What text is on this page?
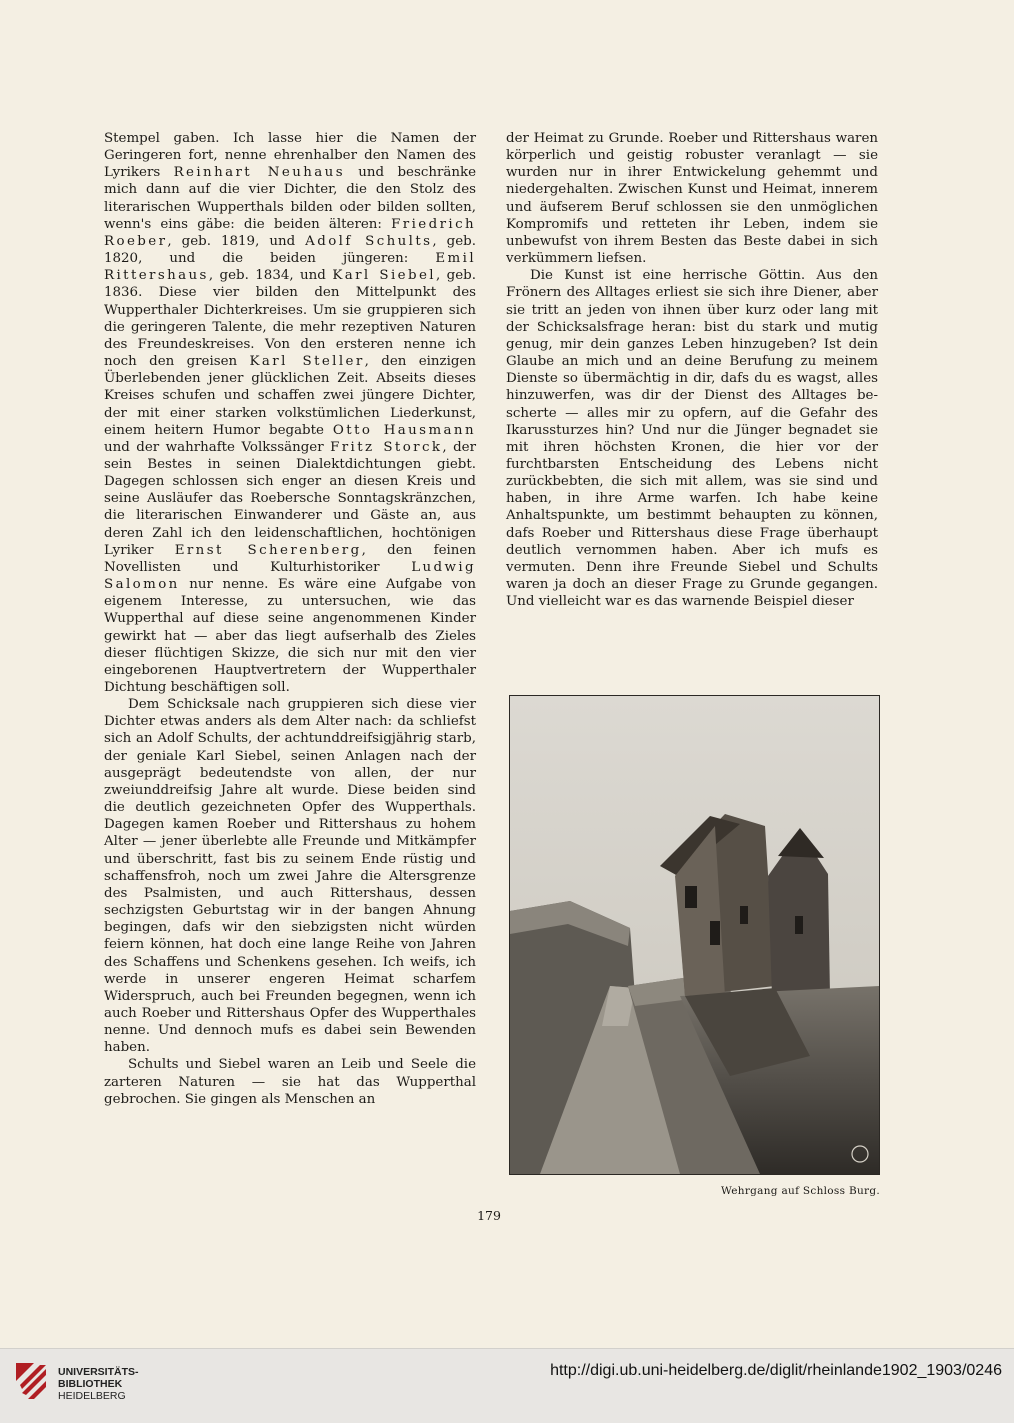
Stempel gaben. Ich lasse hier die Namen der Geringeren fort, nenne ehrenhalber den Namen des Lyrikers Reinhart Neuhaus und beschränke mich dann auf die vier Dichter, die den Stolz des literarischen Wupperthals bilden oder bilden sollten, wenn's eins gäbe: die beiden älteren: Friedrich Roeber, geb. 1819, und Adolf Schults, geb. 1820, und die beiden jüngeren: Emil Rittershaus, geb. 1834, und Karl Siebel, geb. 1836. Diese vier bilden den Mittelpunkt des Wupperthaler Dichterkreises. Um sie gruppieren sich die geringeren Talente, die mehr rezeptiven Naturen des Freundeskreises. Von den ersteren nenne ich noch den greisen Karl Steller, den einzigen Überlebenden jener glücklichen Zeit. Abseits dieses Kreises schufen und schaffen zwei jüngere Dichter, der mit einer starken volkstümlichen Liederkunst, einem heitern Humor begabte Otto Hausmann und der wahrhafte Volkssänger Fritz Storck, der sein Bestes in seinen Dialektdichtungen giebt. Dagegen schlossen sich enger an diesen Kreis und seine Ausläufer das Roebersche Sonntagskränzchen, die literarischen Einwanderer und Gäste an, aus deren Zahl ich den leidenschaftlichen, hochtönigen Lyriker Ernst Scherenberg, den feinen Novellisten und Kulturhistoriker Ludwig Salomon nur nenne. Es wäre eine Aufgabe von eigenem Interesse, zu untersuchen, wie das Wupperthal auf diese seine angenommenen Kinder gewirkt hat — aber das liegt aufserhalb des Zieles dieser flüchtigen Skizze, die sich nur mit den vier eingeborenen Hauptvertretern der Wupperthaler Dichtung beschäftigen soll.

Dem Schicksale nach gruppieren sich diese vier Dichter etwas anders als dem Alter nach: da schliefst sich an Adolf Schults, der achtunddreifsigjährig starb, der geniale Karl Siebel, seinen Anlagen nach der ausgeprägt bedeutendste von allen, der nur zweiunddreifsig Jahre alt wurde. Diese beiden sind die deutlich gezeichneten Opfer des Wupperthals. Dagegen kamen Roeber und Rittershaus zu hohem Alter — jener überlebte alle Freunde und Mitkämpfer und überschritt, fast bis zu seinem Ende rüstig und schaffensfroh, noch um zwei Jahre die Altersgrenze des Psalmisten, und auch Rittershaus, dessen sechzigsten Geburtstag wir in der bangen Ahnung begingen, dafs wir den siebzigsten nicht würden feiern können, hat doch eine lange Reihe von Jahren des Schaffens und Schenkens gesehen. Ich weifs, ich werde in unserer engeren Heimat scharfem Widerspruch, auch bei Freunden begegnen, wenn ich auch Roeber und Rittershaus Opfer des Wupperthales nenne. Und dennoch mufs es dabei sein Bewenden haben.

Schults und Siebel waren an Leib und Seele die zarteren Naturen — sie hat das Wupperthal gebrochen. Sie gingen als Menschen an

der Heimat zu Grunde. Roeber und Rittershaus waren körperlich und geistig robuster veranlagt — sie wurden nur in ihrer Entwickelung gehemmt und niedergehalten. Zwischen Kunst und Heimat, innerem und äufserem Beruf schlossen sie den unmöglichen Kompromifs und retteten ihr Leben, indem sie unbewufst von ihrem Besten das Beste dabei in sich verkümmern liefsen.

Die Kunst ist eine herrische Göttin. Aus den Frönern des Alltages erliest sie sich ihre Diener, aber sie tritt an jeden von ihnen über kurz oder lang mit der Schicksalsfrage heran: bist du stark und mutig genug, mir dein ganzes Leben hinzugeben? Ist dein Glaube an mich und an deine Berufung zu meinem Dienste so übermächtig in dir, dafs du es wagst, alles hinzuwerfen, was dir der Dienst des Alltages bescherte — alles mir zu opfern, auf die Gefahr des Ikarussturzes hin? Und nur die Jünger begnadet sie mit ihren höchsten Kronen, die hier vor der furchtbarsten Entscheidung des Lebens nicht zurückbebten, die sich mit allem, was sie sind und haben, in ihre Arme warfen. Ich habe keine Anhaltspunkte, um bestimmt behaupten zu können, dafs Roeber und Rittershaus diese Frage überhaupt deutlich vernommen haben. Aber ich mufs es vermuten. Denn ihre Freunde Siebel und Schults waren ja doch an dieser Frage zu Grunde gegangen. Und vielleicht war es das warnende Beispiel dieser

Wehrgang auf Schloss Burg.
179
UNIVERSITÄTS-
BIBLIOTHEK
HEIDELBERG
http://digi.ub.uni-heidelberg.de/diglit/rheinlande1902_1903/0246
